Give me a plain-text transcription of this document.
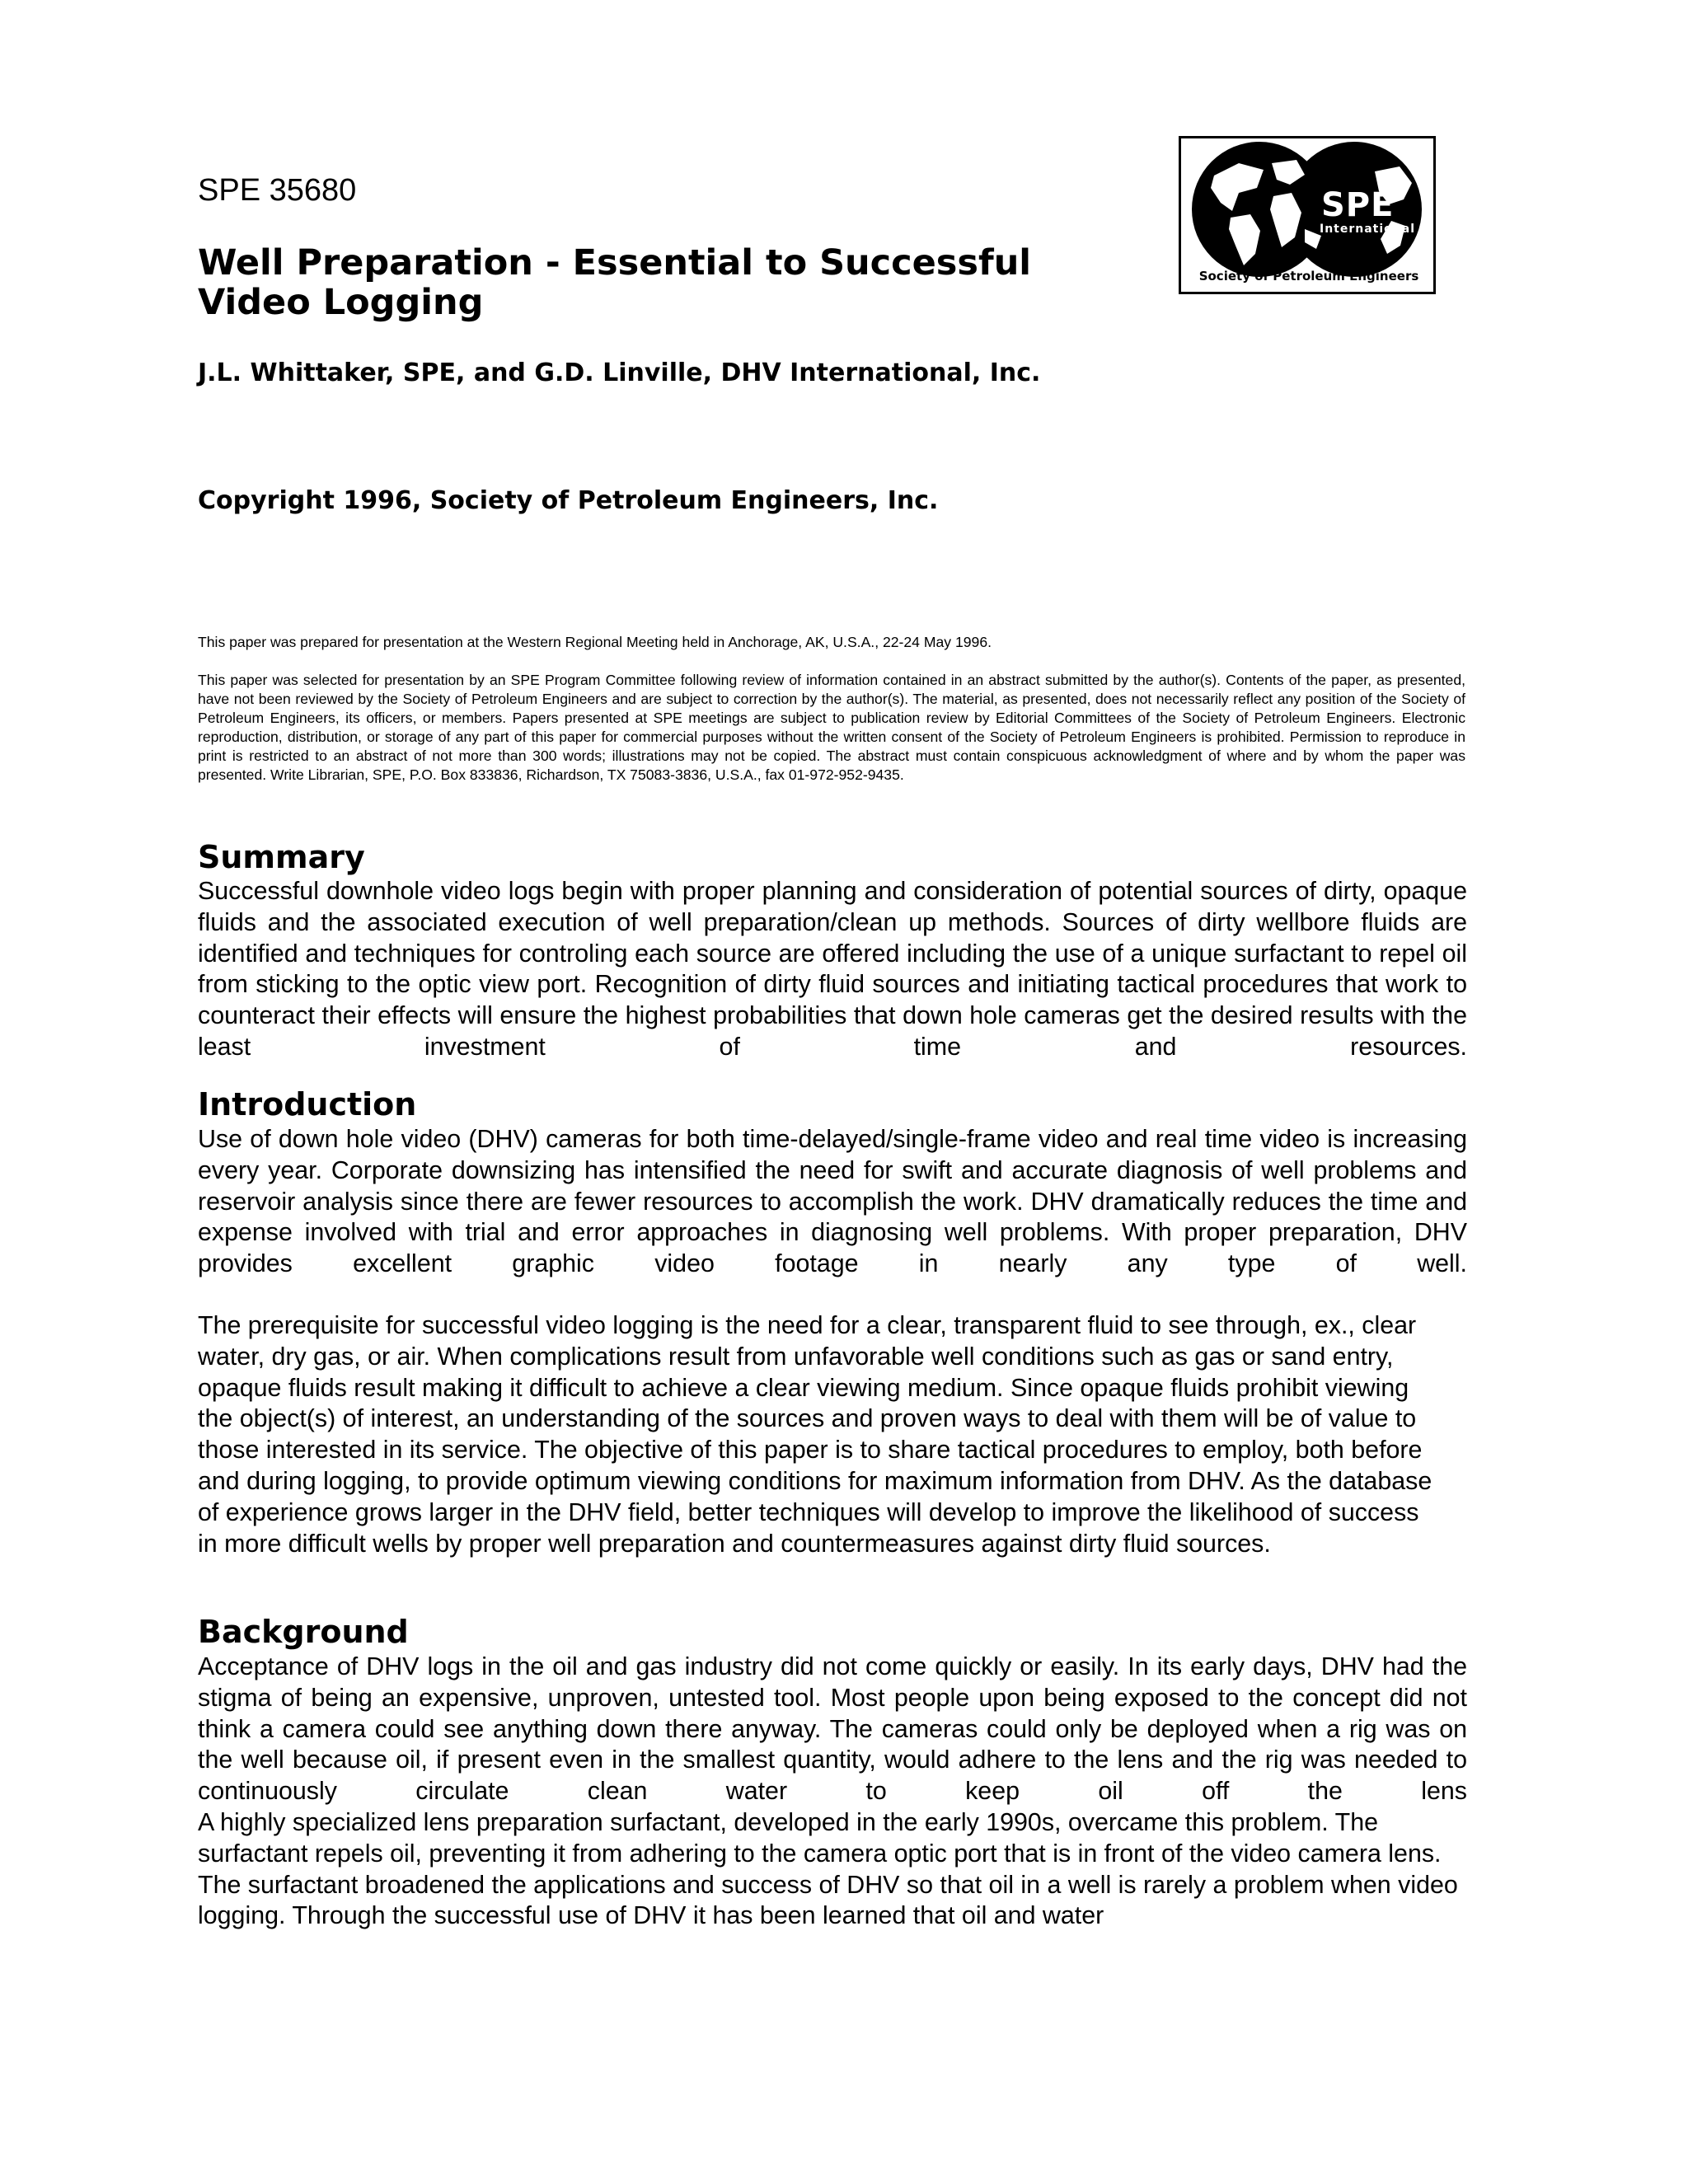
SPE 35680
Well Preparation - Essential to Successful Video Logging
J.L. Whittaker, SPE, and G.D. Linville, DHV International, Inc.
Copyright 1996, Society of Petroleum Engineers, Inc.
SPE
International
Society of Petroleum Engineers
This paper was prepared for presentation at the Western Regional Meeting held in Anchorage, AK, U.S.A., 22-24 May 1996.
This paper was selected for presentation by an SPE Program Committee following review of information contained in an abstract submitted by the author(s). Contents of the paper, as presented, have not been reviewed by the Society of Petroleum Engineers and are subject to correction by the author(s). The material, as presented, does not necessarily reflect any position of the Society of Petroleum Engineers, its officers, or members. Papers presented at SPE meetings are subject to publication review by Editorial Committees of the Society of Petroleum Engineers. Electronic reproduction, distribution, or storage of any part of this paper for commercial purposes without the written consent of the Society of Petroleum Engineers is prohibited. Permission to reproduce in print is restricted to an abstract of not more than 300 words; illustrations may not be copied. The abstract must contain conspicuous acknowledgment of where and by whom the paper was presented. Write Librarian, SPE, P.O. Box 833836, Richardson, TX 75083-3836, U.S.A., fax 01-972-952-9435.
Summary

Successful downhole video logs begin with proper planning and consideration of potential sources of dirty, opaque fluids and the associated execution of well preparation/clean up methods. Sources of dirty wellbore fluids are identified and techniques for controling each source are offered including the use of a unique surfactant to repel oil from sticking to the optic view port. Recognition of dirty fluid sources and initiating tactical procedures that work to counteract their effects will ensure the highest probabilities that down hole cameras get the desired results with the least investment of time and resources.

Introduction

Use of down hole video (DHV) cameras for both time-delayed/single-frame video and real time video is increasing every year. Corporate downsizing has intensified the need for swift and accurate diagnosis of well problems and reservoir analysis since there are fewer resources to accomplish the work. DHV dramatically reduces the time and expense involved with trial and error approaches in diagnosing well problems. With proper preparation, DHV provides excellent graphic video footage in nearly any type of well.

The prerequisite for successful video logging is the need for a clear, transparent fluid to see through, ex., clear water, dry gas, or air. When complications result from unfavorable well conditions such as gas or sand entry, opaque fluids result making it difficult to achieve a clear viewing medium. Since opaque fluids prohibit viewing the object(s) of interest, an understanding of the sources and proven ways to deal with them will be of value to those interested in its service. The objective of this paper is to share tactical procedures to employ, both before and during logging, to provide optimum viewing conditions for maximum information from DHV. As the database of experience grows larger in the DHV field, better techniques will develop to improve the likelihood of success in more difficult wells by proper well preparation and countermeasures against dirty fluid sources.

Background

Acceptance of DHV logs in the oil and gas industry did not come quickly or easily. In its early days, DHV had the stigma of being an expensive, unproven, untested tool. Most people upon being exposed to the concept did not think a camera could see anything down there anyway. The cameras could only be deployed when a rig was on the well because oil, if present even in the smallest quantity, would adhere to the lens and the rig was needed to continuously circulate clean water to keep oil off the lens

A highly specialized lens preparation surfactant, developed in the early 1990s, overcame this problem. The surfactant repels oil, preventing it from adhering to the camera optic port that is in front of the video camera lens. The surfactant broadened the applications and success of DHV so that oil in a well is rarely a problem when video logging. Through the successful use of DHV it has been learned that oil and water
